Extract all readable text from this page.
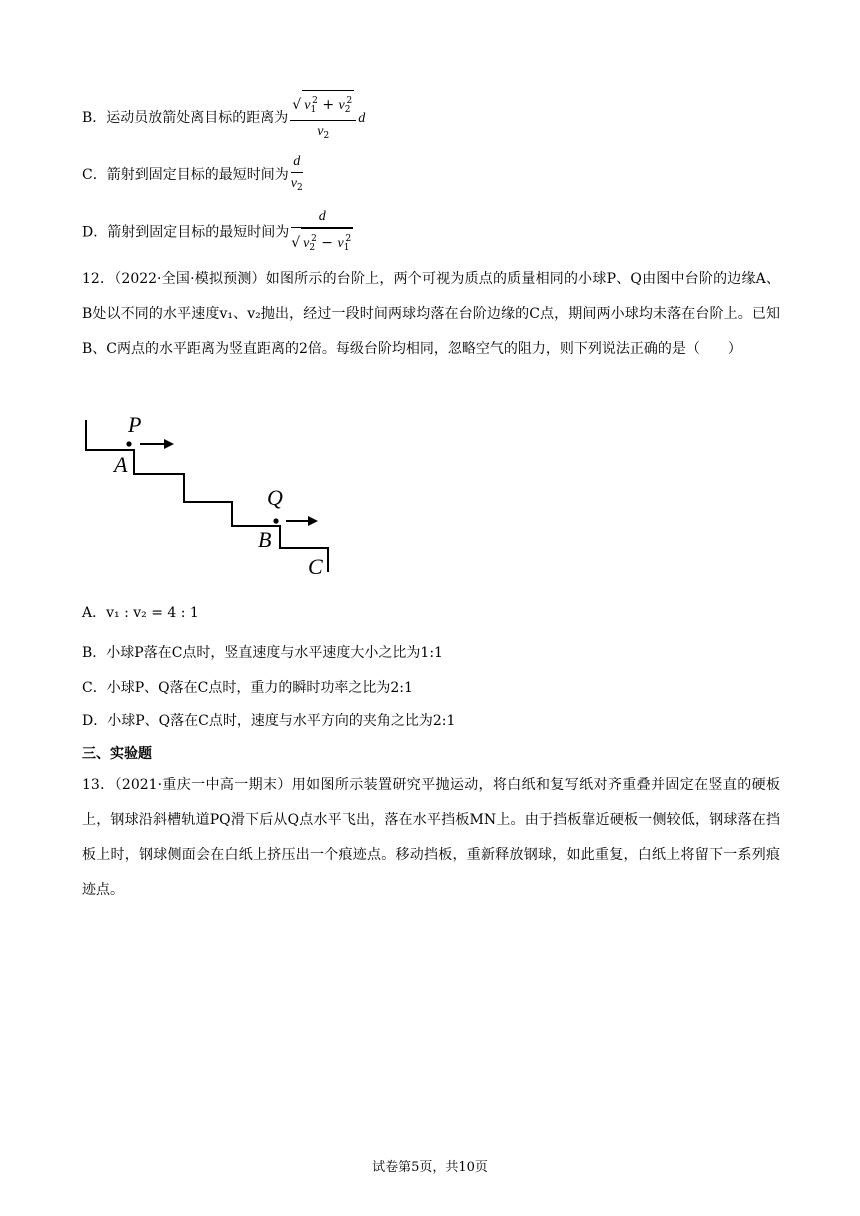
B．运动员放箭处离目标的距离为 $\frac{√ v_1^2 + v_2^2}{v_2}$ d
C．箭射到固定目标的最短时间为 $\frac{d}{v_2}$
D．箭射到固定目标的最短时间为 $\frac{d}{√ v_2^2 - v_1^2}$
12．（2022·全国·模拟预测）如图所示的台阶上，两个可视为质点的质量相同的小球P、Q由图中台阶的边缘A、B处以不同的水平速度v₁、v₂抛出，经过一段时间两球均落在台阶边缘的C点，期间两小球均未落在台阶上。已知B、C两点的水平距离为竖直距离的2倍。每级台阶均相同，忽略空气的阻力，则下列说法正确的是（　　）
P
A
Q
B
C
A．v₁ : v₂ = 4 : 1
B．小球P落在C点时，竖直速度与水平速度大小之比为1:1
C．小球P、Q落在C点时，重力的瞬时功率之比为2:1
D．小球P、Q落在C点时，速度与水平方向的夹角之比为2:1
三、实验题
13．（2021·重庆一中高一期末）用如图所示装置研究平抛运动，将白纸和复写纸对齐重叠并固定在竖直的硬板上，钢球沿斜槽轨道PQ滑下后从Q点水平飞出，落在水平挡板MN上。由于挡板靠近硬板一侧较低，钢球落在挡板上时，钢球侧面会在白纸上挤压出一个痕迹点。移动挡板，重新释放钢球，如此重复，白纸上将留下一系列痕迹点。
试卷第5页，共10页
